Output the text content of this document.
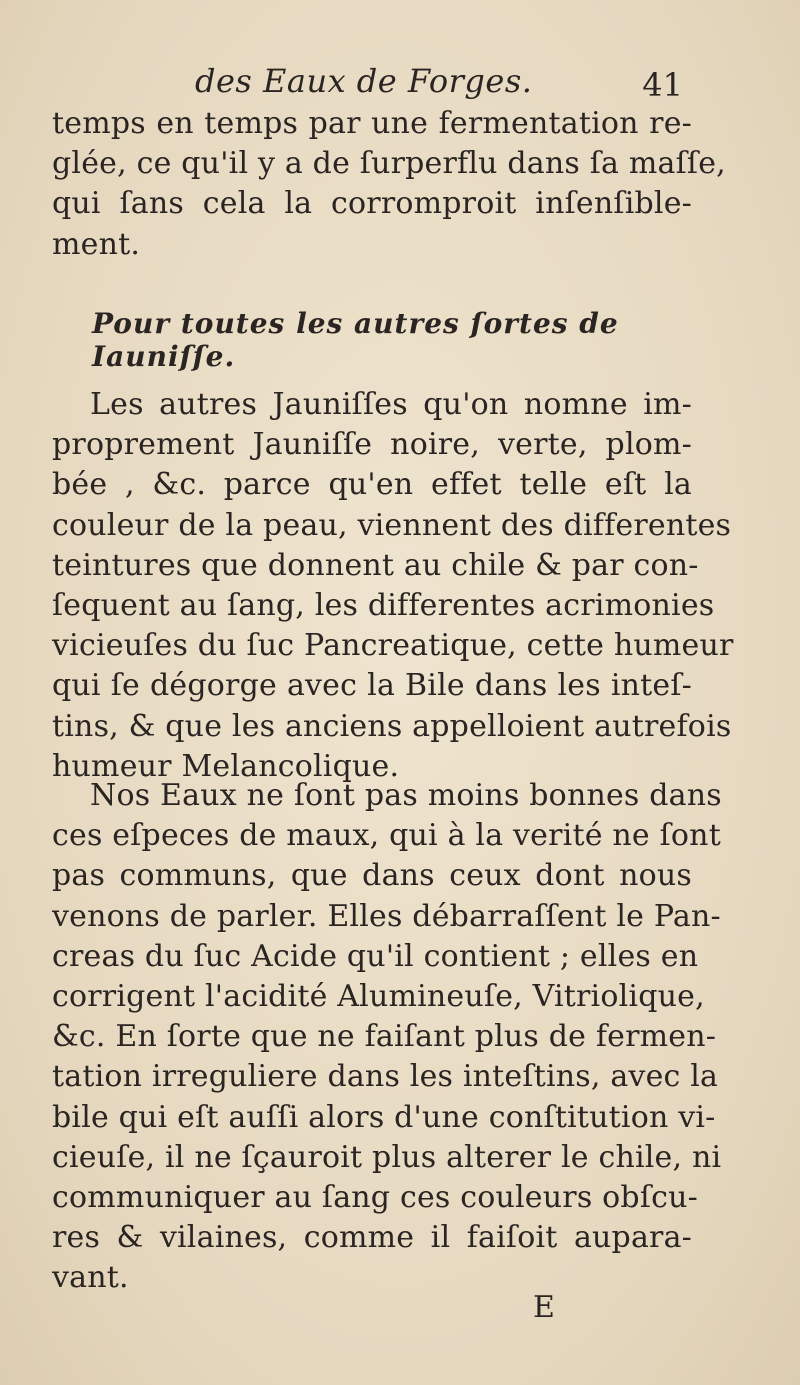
des Eaux de Forges.	41
temps en temps par une fermentation re-
glée, ce qu'il y a de ſurperflu dans ſa maſſe,
qui ſans cela la corromproit inſenſible-
ment.
Pour toutes les autres ſortes de Iauniſſe.
Les autres Jauniſſes qu'on nomne im-
proprement Jauniſſe noire, verte, plom-
bée , &c. parce qu'en effet telle eſt la
couleur de la peau, viennent des differentes
teintures que donnent au chile & par con-
ſequent au ſang, les differentes acrimonies
vicieuſes du ſuc Pancreatique, cette humeur
qui ſe dégorge avec la Bile dans les inteſ-
tins, & que les anciens appelloient autrefois
humeur Melancolique.
Nos Eaux ne ſont pas moins bonnes dans
ces eſpeces de maux, qui à la verité ne ſont
pas communs, que dans ceux dont nous
venons de parler. Elles débarraſſent le Pan-
creas du ſuc Acide qu'il contient ; elles en
corrigent l'acidité Alumineuſe, Vitriolique,
&c. En ſorte que ne faiſant plus de fermen-
tation irreguliere dans les inteſtins, avec la
bile qui eſt auſſi alors d'une conſtitution vi-
cieuſe, il ne ſçauroit plus alterer le chile, ni
communiquer au ſang ces couleurs obſcu-
res & vilaines, comme il faiſoit aupara-
vant.
E
